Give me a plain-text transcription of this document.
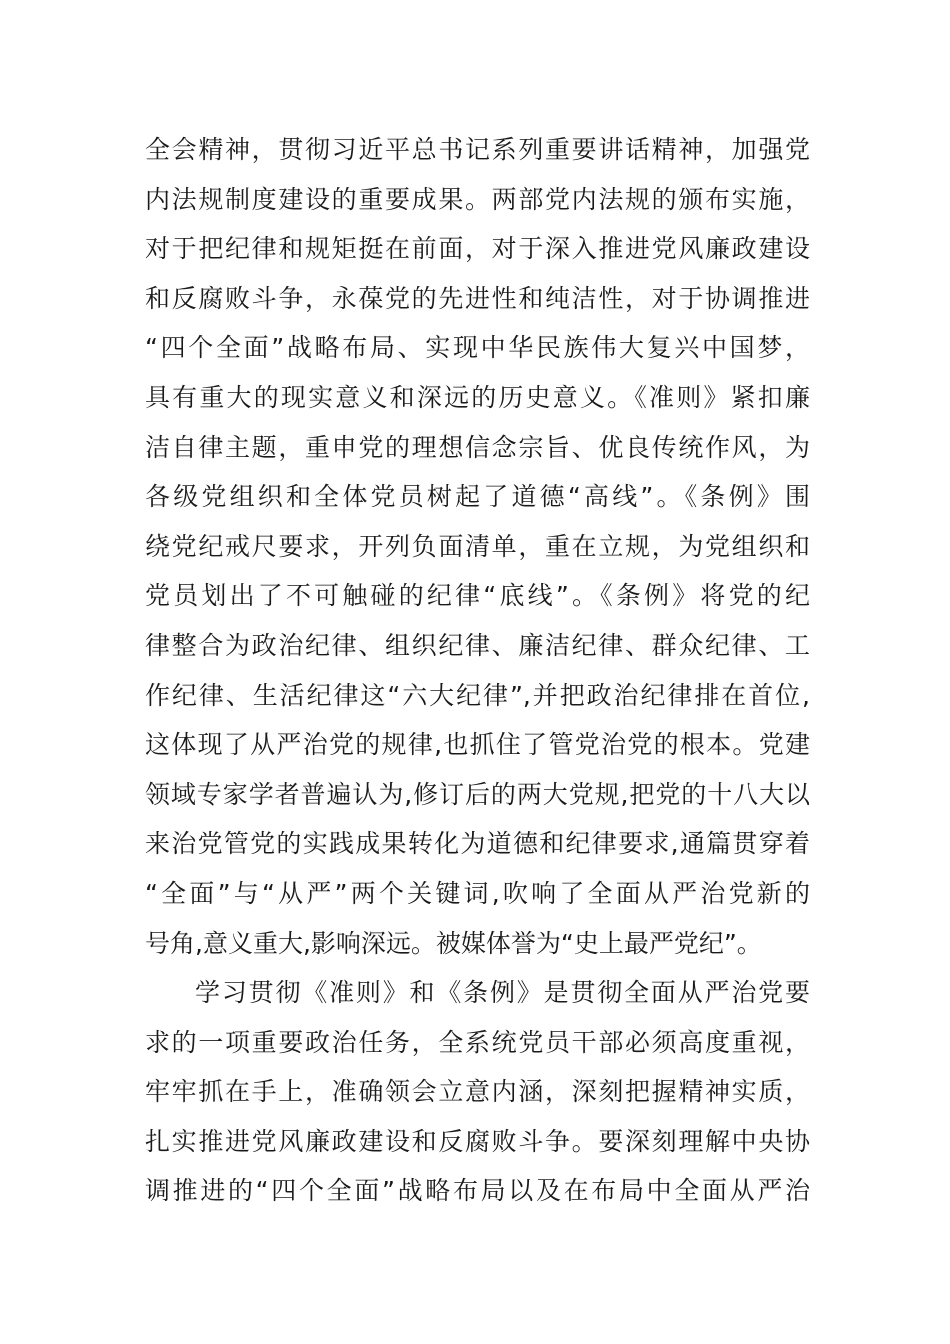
全会精神，贯彻习近平总书记系列重要讲话精神，加强党
内法规制度建设的重要成果。两部党内法规的颁布实施，
对于把纪律和规矩挺在前面，对于深入推进党风廉政建设
和反腐败斗争，永葆党的先进性和纯洁性，对于协调推进
“四个全面”战略布局、实现中华民族伟大复兴中国梦，
具有重大的现实意义和深远的历史意义。《准则》紧扣廉
洁自律主题，重申党的理想信念宗旨、优良传统作风，为
各级党组织和全体党员树起了道德“高线”。《条例》围
绕党纪戒尺要求，开列负面清单，重在立规，为党组织和
党员划出了不可触碰的纪律“底线”。《条例》将党的纪
律整合为政治纪律、组织纪律、廉洁纪律、群众纪律、工
作纪律、生活纪律这“六大纪律”,并把政治纪律排在首位,
这体现了从严治党的规律,也抓住了管党治党的根本。党建
领域专家学者普遍认为,修订后的两大党规,把党的十八大以
来治党管党的实践成果转化为道德和纪律要求,通篇贯穿着
“全面”与“从严”两个关键词,吹响了全面从严治党新的
号角,意义重大,影响深远。被媒体誉为“史上最严党纪”。
学习贯彻《准则》和《条例》是贯彻全面从严治党要
求的一项重要政治任务，全系统党员干部必须高度重视，
牢牢抓在手上，准确领会立意内涵，深刻把握精神实质，
扎实推进党风廉政建设和反腐败斗争。要深刻理解中央协
调推进的“四个全面”战略布局以及在布局中全面从严治
